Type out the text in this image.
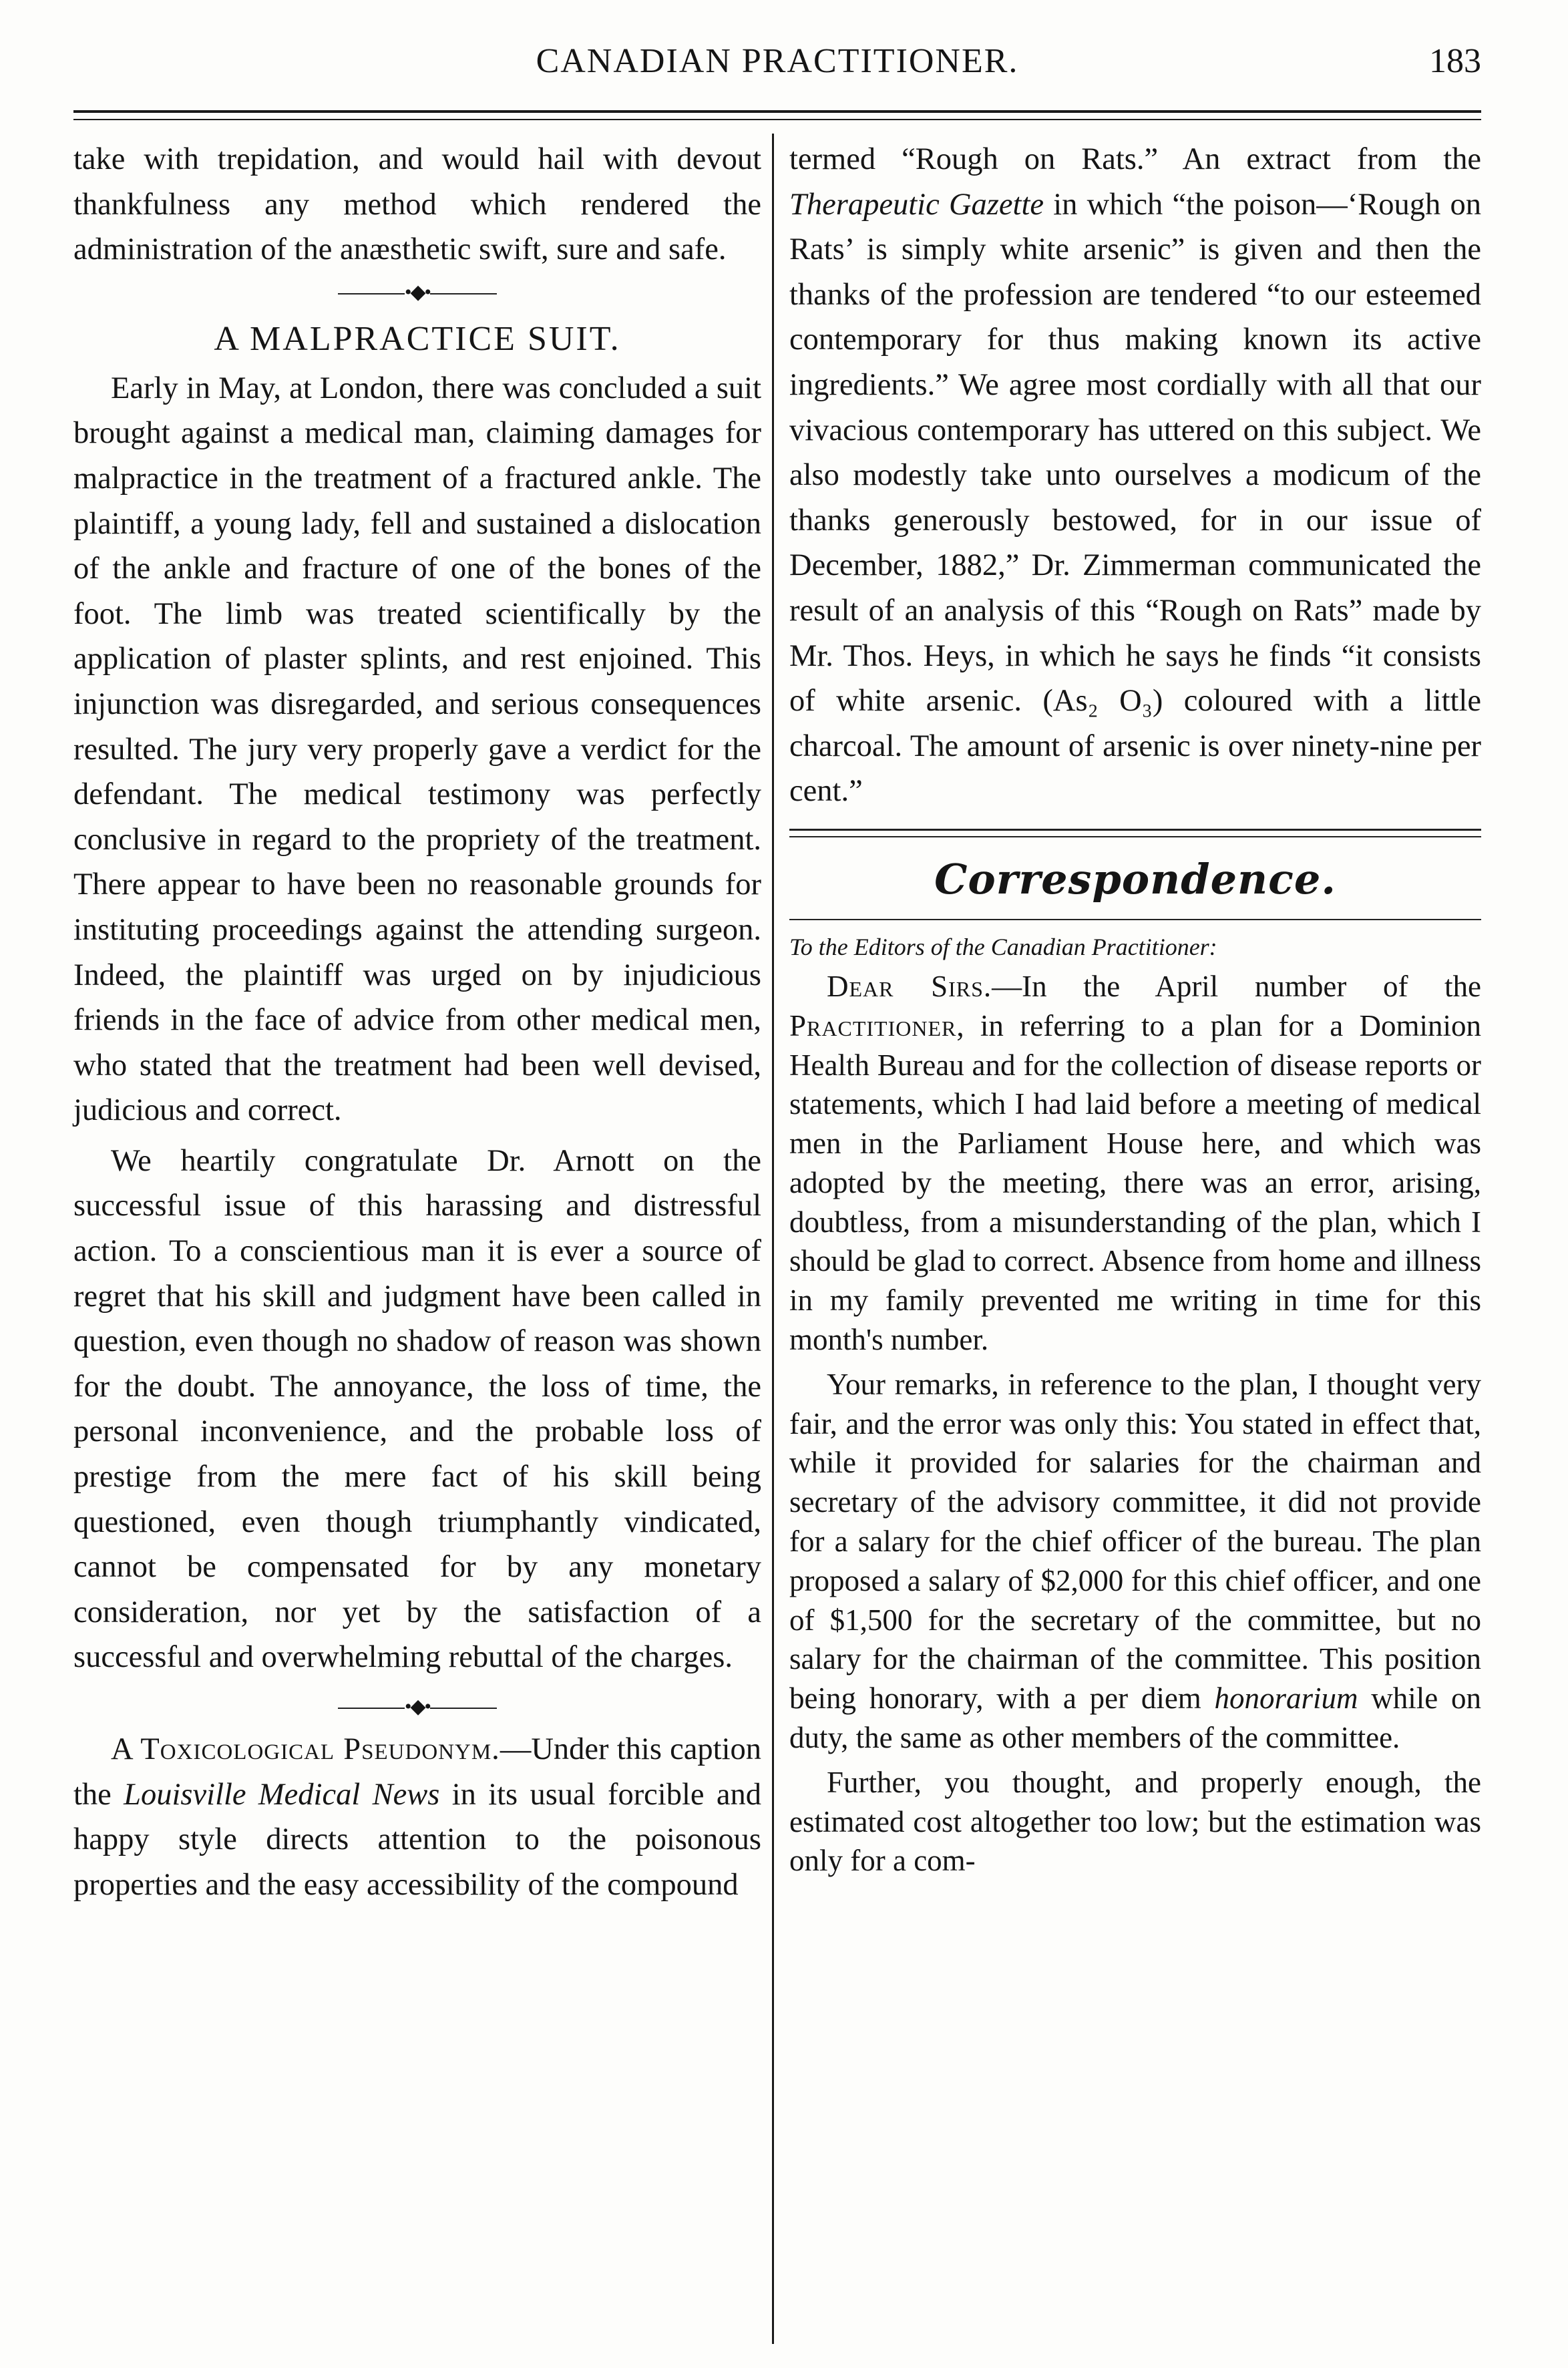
CANADIAN PRACTITIONER.	183

take with trepidation, and would hail with devout thankfulness any method which rendered the administration of the anæsthetic swift, sure and safe.

•◆•

A MALPRACTICE SUIT.

Early in May, at London, there was concluded a suit brought against a medical man, claiming damages for malpractice in the treatment of a fractured ankle. The plaintiff, a young lady, fell and sustained a dislocation of the ankle and fracture of one of the bones of the foot. The limb was treated scientifically by the application of plaster splints, and rest enjoined. This injunction was disregarded, and serious consequences resulted. The jury very properly gave a verdict for the defendant. The medical testimony was perfectly conclusive in regard to the propriety of the treatment. There appear to have been no reasonable grounds for instituting proceedings against the attending surgeon. Indeed, the plaintiff was urged on by injudicious friends in the face of advice from other medical men, who stated that the treatment had been well devised, judicious and correct.

We heartily congratulate Dr. Arnott on the successful issue of this harassing and distressful action. To a conscientious man it is ever a source of regret that his skill and judgment have been called in question, even though no shadow of reason was shown for the doubt. The annoyance, the loss of time, the personal inconvenience, and the probable loss of prestige from the mere fact of his skill being questioned, even though triumphantly vindicated, cannot be compensated for by any monetary consideration, nor yet by the satisfaction of a successful and overwhelming rebuttal of the charges.

•◆•

A Toxicological Pseudonym.—Under this caption the Louisville Medical News in its usual forcible and happy style directs attention to the poisonous properties and the easy accessibility of the compound

termed “Rough on Rats.” An extract from the Therapeutic Gazette in which “the poison—‘Rough on Rats’ is simply white arsenic” is given and then the thanks of the profession are tendered “to our esteemed contemporary for thus making known its active ingredients.” We agree most cordially with all that our vivacious contemporary has uttered on this subject. We also modestly take unto ourselves a modicum of the thanks generously bestowed, for in our issue of December, 1882,” Dr. Zimmerman communicated the result of an analysis of this “Rough on Rats” made by Mr. Thos. Heys, in which he says he finds “it consists of white arsenic. (As₂ O₃) coloured with a little charcoal. The amount of arsenic is over ninety-nine per cent.”

Correspondence.

To the Editors of the Canadian Practitioner:

Dear Sirs.—In the April number of the Practitioner, in referring to a plan for a Dominion Health Bureau and for the collection of disease reports or statements, which I had laid before a meeting of medical men in the Parliament House here, and which was adopted by the meeting, there was an error, arising, doubtless, from a misunderstanding of the plan, which I should be glad to correct. Absence from home and illness in my family prevented me writing in time for this month's number.

Your remarks, in reference to the plan, I thought very fair, and the error was only this: You stated in effect that, while it provided for salaries for the chairman and secretary of the advisory committee, it did not provide for a salary for the chief officer of the bureau. The plan proposed a salary of $2,000 for this chief officer, and one of $1,500 for the secretary of the committee, but no salary for the chairman of the committee. This position being honorary, with a per diem honorarium while on duty, the same as other members of the committee.

Further, you thought, and properly enough, the estimated cost altogether too low; but the estimation was only for a com-
